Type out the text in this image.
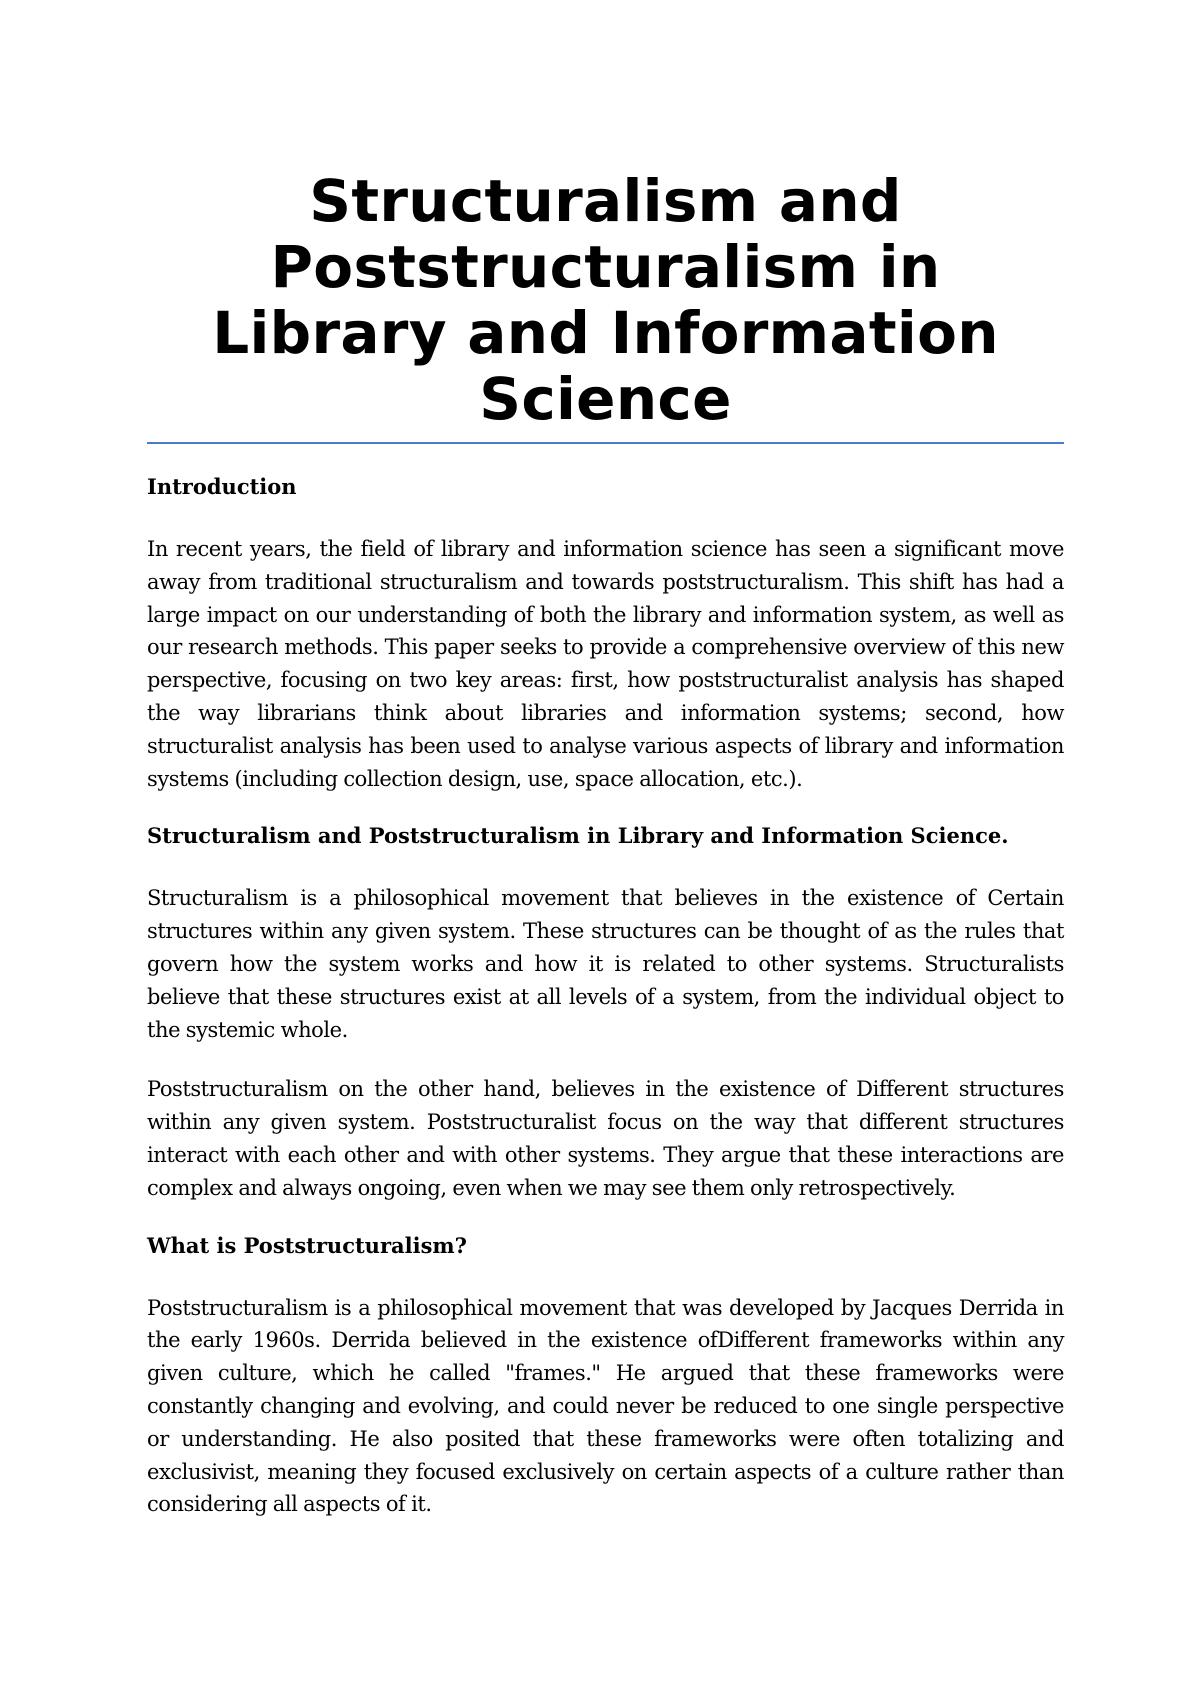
Structuralism and Poststructuralism in Library and Information Science

Introduction

In recent years, the field of library and information science has seen a significant move away from traditional structuralism and towards poststructuralism. This shift has had a large impact on our understanding of both the library and information system, as well as our research methods. This paper seeks to provide a comprehensive overview of this new perspective, focusing on two key areas: first, how poststructuralist analysis has shaped the way librarians think about libraries and information systems; second, how structuralist analysis has been used to analyse various aspects of library and information systems (including collection design, use, space allocation, etc.).

Structuralism and Poststructuralism in Library and Information Science.

Structuralism is a philosophical movement that believes in the existence of Certain structures within any given system. These structures can be thought of as the rules that govern how the system works and how it is related to other systems. Structuralists believe that these structures exist at all levels of a system, from the individual object to the systemic whole.

Poststructuralism on the other hand, believes in the existence of Different structures within any given system. Poststructuralist focus on the way that different structures interact with each other and with other systems. They argue that these interactions are complex and always ongoing, even when we may see them only retrospectively.

What is Poststructuralism?

Poststructuralism is a philosophical movement that was developed by Jacques Derrida in the early 1960s. Derrida believed in the existence ofDifferent frameworks within any given culture, which he called "frames." He argued that these frameworks were constantly changing and evolving, and could never be reduced to one single perspective or understanding. He also posited that these frameworks were often totalizing and exclusivist, meaning they focused exclusively on certain aspects of a culture rather than considering all aspects of it.
